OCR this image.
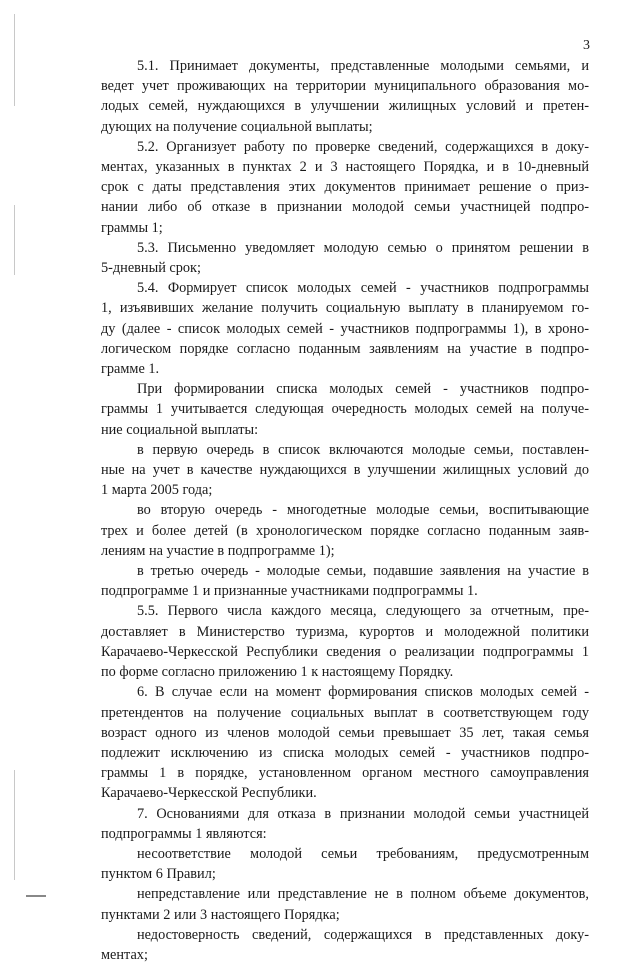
3

5.1. Принимает документы, представленные молодыми семьями, и

ведет учет проживающих на территории муниципального образования мо-

лодых семей, нуждающихся в улучшении жилищных условий и претен-

дующих на получение социальной выплаты;

5.2. Организует работу по проверке сведений, содержащихся в доку-

ментах, указанных в пунктах 2 и 3 настоящего Порядка, и в 10-дневный

срок с даты представления этих документов принимает решение о приз-

нании либо об отказе в признании молодой семьи участницей подпро-

граммы 1;

5.3. Письменно уведомляет молодую семью о принятом решении в

5-дневный срок;

5.4. Формирует список молодых семей - участников подпрограммы

1, изъявивших желание получить социальную выплату в планируемом го-

ду (далее - список молодых семей - участников подпрограммы 1), в хроно-

логическом порядке согласно поданным заявлениям на участие в подпро-

грамме 1.

При формировании списка молодых семей - участников подпро-

граммы 1 учитывается следующая очередность молодых семей на получе-

ние социальной выплаты:

в первую очередь в список включаются молодые семьи, поставлен-

ные на учет в качестве нуждающихся в улучшении жилищных условий до

1 марта 2005 года;

во вторую очередь - многодетные молодые семьи, воспитывающие

трех и более детей (в хронологическом порядке согласно поданным заяв-

лениям на участие в подпрограмме 1);

в третью очередь - молодые семьи, подавшие заявления на участие в

подпрограмме 1 и признанные участниками подпрограммы 1.

5.5. Первого числа каждого месяца, следующего за отчетным, пре-

доставляет в Министерство туризма, курортов и молодежной политики

Карачаево-Черкесской Республики сведения о реализации подпрограммы 1

по форме согласно приложению 1 к настоящему Порядку.

6. В случае если на момент формирования списков молодых семей -

претендентов на получение социальных выплат в соответствующем году

возраст одного из членов молодой семьи превышает 35 лет, такая семья

подлежит исключению из списка молодых семей - участников подпро-

граммы 1 в порядке, установленном органом местного самоуправления

Карачаево-Черкесской Республики.

7. Основаниями для отказа в признании молодой семьи участницей

подпрограммы 1 являются:

несоответствие молодой семьи требованиям, предусмотренным

пунктом 6 Правил;

непредставление или представление не в полном объеме документов,

пунктами 2 или 3 настоящего Порядка;

недостоверность сведений, содержащихся в представленных доку-

ментах;
